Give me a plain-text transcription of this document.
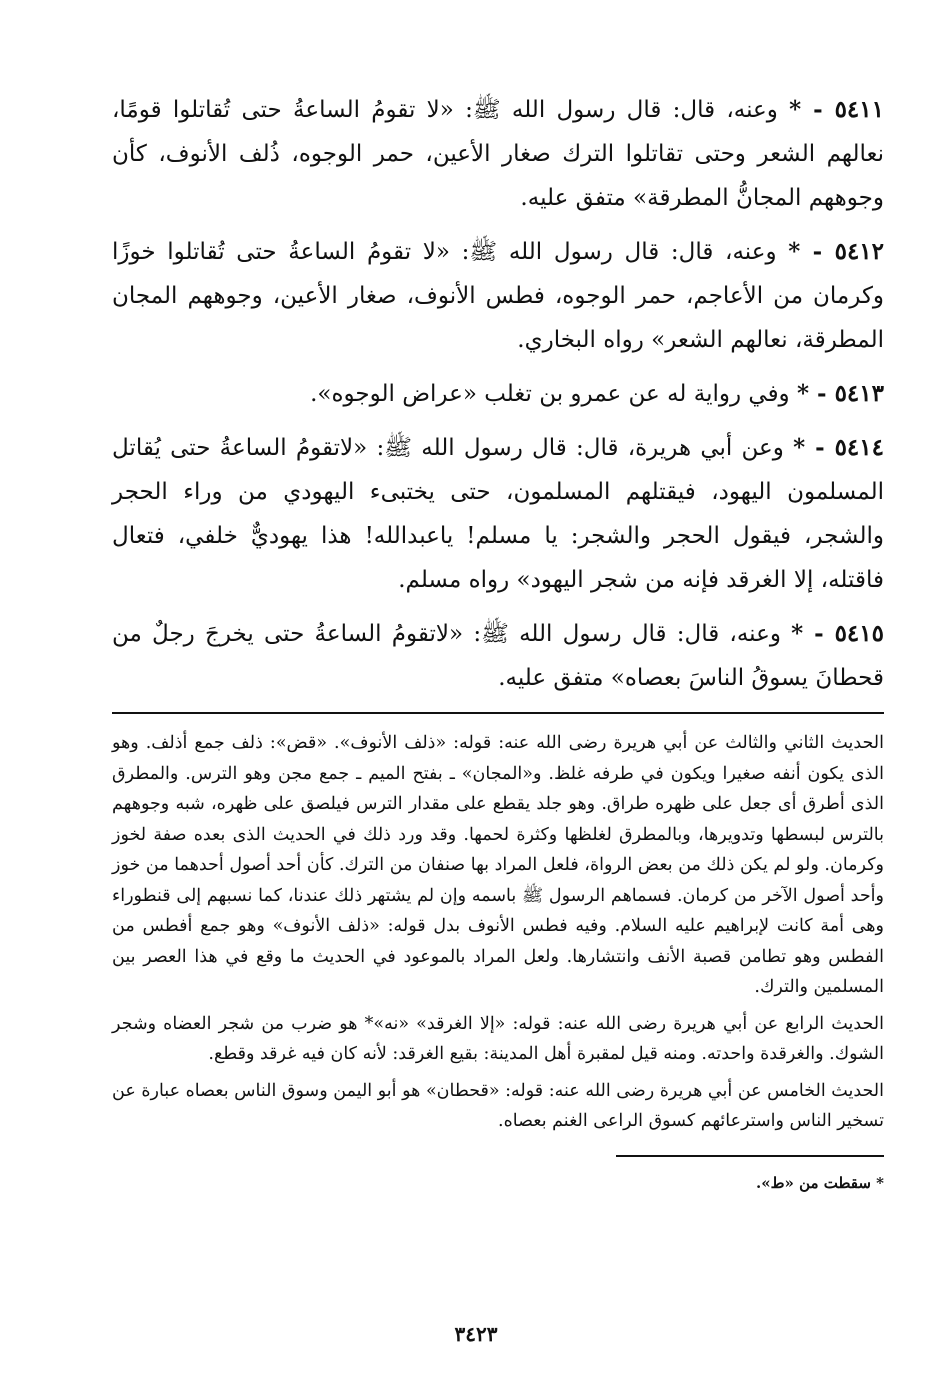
٥٤١١ - * وعنه، قال: قال رسول الله ﷺ: «لا تقومُ الساعةُ حتى تُقاتلوا قومًا، نعالهم الشعر وحتى تقاتلوا الترك صغار الأعين، حمر الوجوه، ذُلف الأنوف، كأن وجوههم المجانُّ المطرقة» متفق عليه.

٥٤١٢ - * وعنه، قال: قال رسول الله ﷺ: «لا تقومُ الساعةُ حتى تُقاتلوا خوزًا وكرمان من الأعاجم، حمر الوجوه، فطس الأنوف، صغار الأعين، وجوههم المجان المطرقة، نعالهم الشعر» رواه البخاري.

٥٤١٣ - * وفي رواية له عن عمرو بن تغلب «عراض الوجوه».

٥٤١٤ - * وعن أبي هريرة، قال: قال رسول الله ﷺ: «لاتقومُ الساعةُ حتى يُقاتل المسلمون اليهود، فيقتلهم المسلمون، حتى يختبىء اليهودي من وراء الحجر والشجر، فيقول الحجر والشجر: يا مسلم! ياعبدالله! هذا يهوديٌّ خلفي، فتعال فاقتله، إلا الغرقد فإنه من شجر اليهود» رواه مسلم.

٥٤١٥ - * وعنه، قال: قال رسول الله ﷺ: «لاتقومُ الساعةُ حتى يخرجَ رجلٌ من قحطانَ يسوقُ الناسَ بعصاه» متفق عليه.

الحديث الثاني والثالث عن أبي هريرة رضى الله عنه: قوله: «ذلف الأنوف». «قض»: ذلف جمع أذلف. وهو الذى يكون أنفه صغيرا ويكون في طرفه غلظ. و«المجان» ـ بفتح الميم ـ جمع مجن وهو الترس. والمطرق الذى أطرق أى جعل على ظهره طراق. وهو جلد يقطع على مقدار الترس فيلصق على ظهره، شبه وجوههم بالترس لبسطها وتدويرها، وبالمطرق لغلظها وكثرة لحمها. وقد ورد ذلك في الحديث الذى بعده صفة لخوز وكرمان. ولو لم يكن ذلك من بعض الرواة، فلعل المراد بها صنفان من الترك. كأن أحد أصول أحدهما من خوز وأحد أصول الآخر من كرمان. فسماهم الرسول ﷺ باسمه وإن لم يشتهر ذلك عندنا، كما نسبهم إلى قنطوراء وهى أمة كانت لإبراهيم عليه السلام. وفيه فطس الأنوف بدل قوله: «ذلف الأنوف» وهو جمع أفطس من الفطس وهو تطامن قصبة الأنف وانتشارها. ولعل المراد بالموعود في الحديث ما وقع في هذا العصر بين المسلمين والترك.

الحديث الرابع عن أبي هريرة رضى الله عنه: قوله: «إلا الغرقد» «نه»* هو ضرب من شجر العضاه وشجر الشوك. والغرقدة واحدته. ومنه قيل لمقبرة أهل المدينة: بقيع الغرقد: لأنه كان فيه غرقد وقطع.

الحديث الخامس عن أبي هريرة رضى الله عنه: قوله: «قحطان» هو أبو اليمن وسوق الناس بعصاه عبارة عن تسخير الناس واسترعائهم كسوق الراعى الغنم بعصاه.

* سقطت من «ط».

٣٤٢٣
